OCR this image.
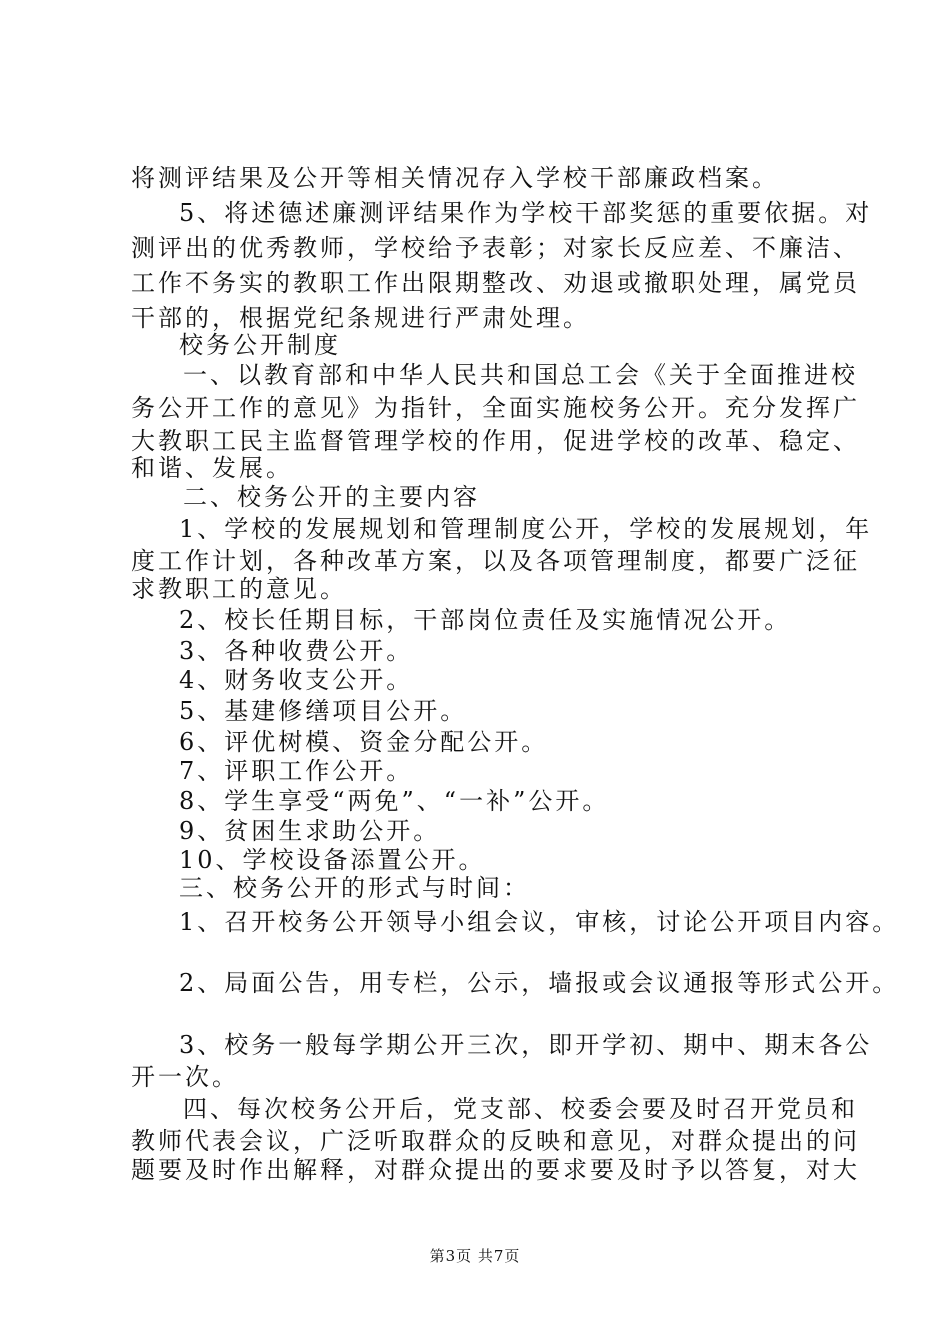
将测评结果及公开等相关情况存入学校干部廉政档案。
5、将述德述廉测评结果作为学校干部奖惩的重要依据。对
测评出的优秀教师，学校给予表彰；对家长反应差、不廉洁、
工作不务实的教职工作出限期整改、劝退或撤职处理，属党员
干部的，根据党纪条规进行严肃处理。
校务公开制度
一、以教育部和中华人民共和国总工会《关于全面推进校
务公开工作的意见》为指针，全面实施校务公开。充分发挥广
大教职工民主监督管理学校的作用，促进学校的改革、稳定、
和谐、发展。
二、校务公开的主要内容
1、学校的发展规划和管理制度公开，学校的发展规划，年
度工作计划，各种改革方案，以及各项管理制度，都要广泛征
求教职工的意见。
2、校长任期目标，干部岗位责任及实施情况公开。
3、各种收费公开。
4、财务收支公开。
5、基建修缮项目公开。
6、评优树模、资金分配公开。
7、评职工作公开。
8、学生享受“两免”、“一补”公开。
9、贫困生求助公开。
10、学校设备添置公开。
三、校务公开的形式与时间：
1、召开校务公开领导小组会议，审核，讨论公开项目内容。
2、局面公告，用专栏，公示，墙报或会议通报等形式公开。
3、校务一般每学期公开三次，即开学初、期中、期末各公
开一次。
四、每次校务公开后，党支部、校委会要及时召开党员和
教师代表会议，广泛听取群众的反映和意见，对群众提出的问
题要及时作出解释，对群众提出的要求要及时予以答复，对大
第3页 共7页
